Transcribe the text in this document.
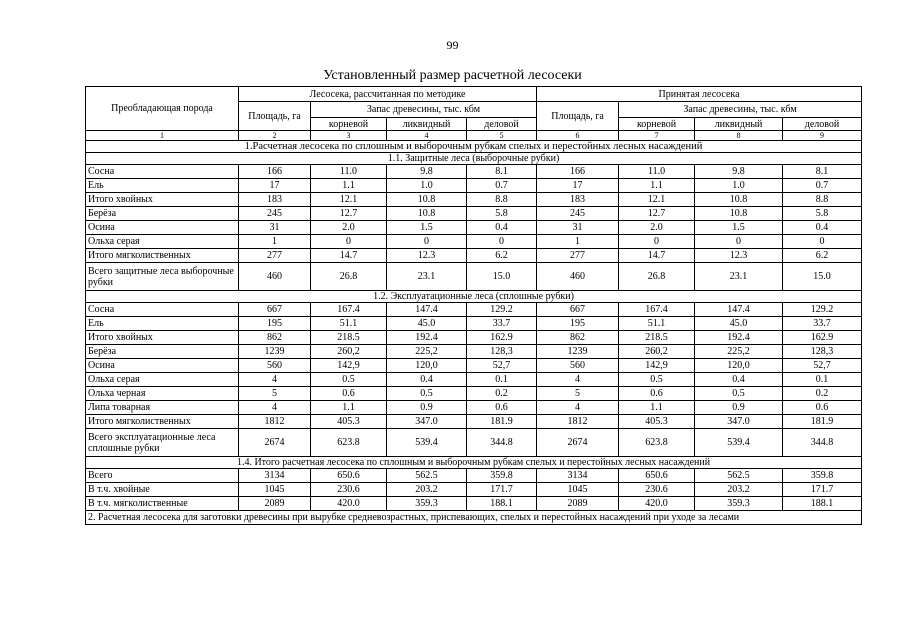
99
Установленный размер расчетной лесосеки
Преобладающая порода	Лесосека, рассчитанная по методике				Принятая лесосека			
	Площадь, га	Запас древесины, тыс. кбм			Площадь, га	Запас древесины, тыс. кбм		
		корневой	ликвидный	деловой		корневой	ликвидный	деловой
1	2	3	4	5	6	7	8	9
1.Расчетная лесосека по сплошным и выборочным рубкам спелых и перестойных лесных насаждений								
1.1. Защитные леса (выборочные рубки)								
Сосна	166	11.0	9.8	8.1	166	11.0	9.8	8.1
Ель	17	1.1	1.0	0.7	17	1.1	1.0	0.7
Итого хвойных	183	12.1	10.8	8.8	183	12.1	10.8	8.8
Берёза	245	12.7	10.8	5.8	245	12.7	10.8	5.8
Осина	31	2.0	1.5	0.4	31	2.0	1.5	0.4
Ольха серая	1	0	0	0	1	0	0	0
Итого мягколиственных	277	14.7	12.3	6.2	277	14.7	12.3	6.2
Всего защитные леса выборочные рубки	460	26.8	23.1	15.0	460	26.8	23.1	15.0
1.2. Эксплуатационные леса (сплошные рубки)								
Сосна	667	167.4	147.4	129.2	667	167.4	147.4	129.2
Ель	195	51.1	45.0	33.7	195	51.1	45.0	33.7
Итого хвойных	862	218.5	192.4	162.9	862	218.5	192.4	162.9
Берёза	1239	260,2	225,2	128,3	1239	260,2	225,2	128,3
Осина	560	142,9	120,0	52,7	560	142,9	120,0	52,7
Ольха серая	4	0.5	0.4	0.1	4	0.5	0.4	0.1
Ольха черная	5	0.6	0.5	0.2	5	0.6	0.5	0.2
Липа товарная	4	1.1	0.9	0.6	4	1.1	0.9	0.6
Итого мягколиственных	1812	405.3	347.0	181.9	1812	405.3	347.0	181.9
Всего эксплуатационные леса сплошные рубки	2674	623.8	539.4	344.8	2674	623.8	539.4	344.8
1.4. Итого расчетная лесосека по сплошным и выборочным рубкам спелых и перестойных лесных насаждений								
Всего	3134	650.6	562.5	359.8	3134	650.6	562.5	359.8
В т.ч. хвойные	1045	230.6	203.2	171.7	1045	230.6	203.2	171.7
В т.ч. мягколиственные	2089	420.0	359.3	188.1	2089	420.0	359.3	188.1
2. Расчетная лесосека для заготовки древесины при вырубке средневозрастных, приспевающих, спелых и перестойных насаждений при уходе за лесами								
